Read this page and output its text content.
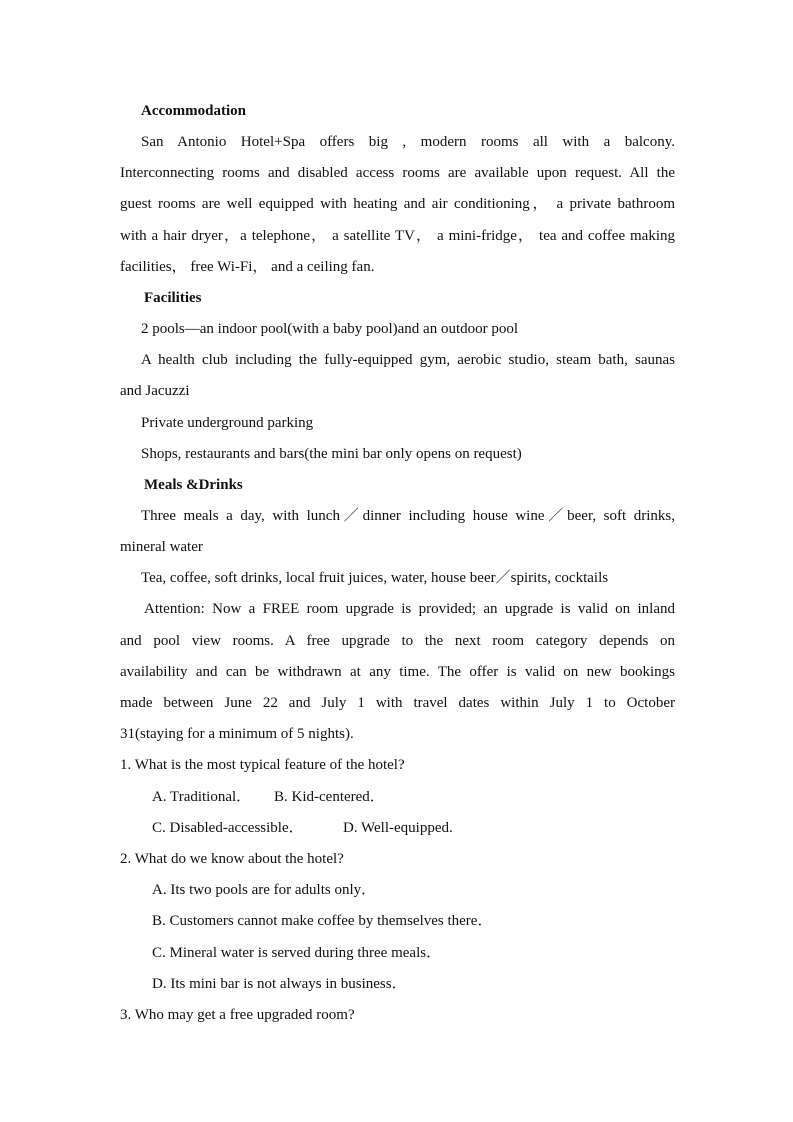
Accommodation
San Antonio Hotel+Spa offers big , modern rooms all with a balcony.
Interconnecting rooms and disabled access rooms are available upon request. All the
guest rooms are well equipped with heating and air conditioning， a private bathroom
with a hair dryer，a telephone， a satellite TV， a mini-fridge， tea and coffee making
facilities， free Wi-Fi， and a ceiling fan.
Facilities
2 pools—an indoor pool(with a baby pool)and an outdoor pool
A health club including the fully-equipped gym, aerobic studio, steam bath, saunas
and Jacuzzi
Private underground parking
Shops, restaurants and bars(the mini bar only opens on request)
Meals &Drinks
Three meals a day, with lunch／dinner including house wine／beer, soft drinks,
mineral water
Tea, coffee, soft drinks, local fruit juices, water, house beer／spirits, cocktails
Attention: Now a FREE room upgrade is provided; an upgrade is valid on inland
and pool view rooms. A free upgrade to the next room category depends on
availability and can be withdrawn at any time. The offer is valid on new bookings
made between June 22 and July 1 with travel dates within July 1 to October
31(staying for a minimum of 5 nights).
1. What is the most typical feature of the hotel?
A. Traditional． B. Kid-centered．
C. Disabled-accessible．	D. Well-equipped.
2. What do we know about the hotel?
A. Its two pools are for adults only．
B. Customers cannot make coffee by themselves there．
C. Mineral water is served during three meals．
D. Its mini bar is not always in business．
3. Who may get a free upgraded room?
